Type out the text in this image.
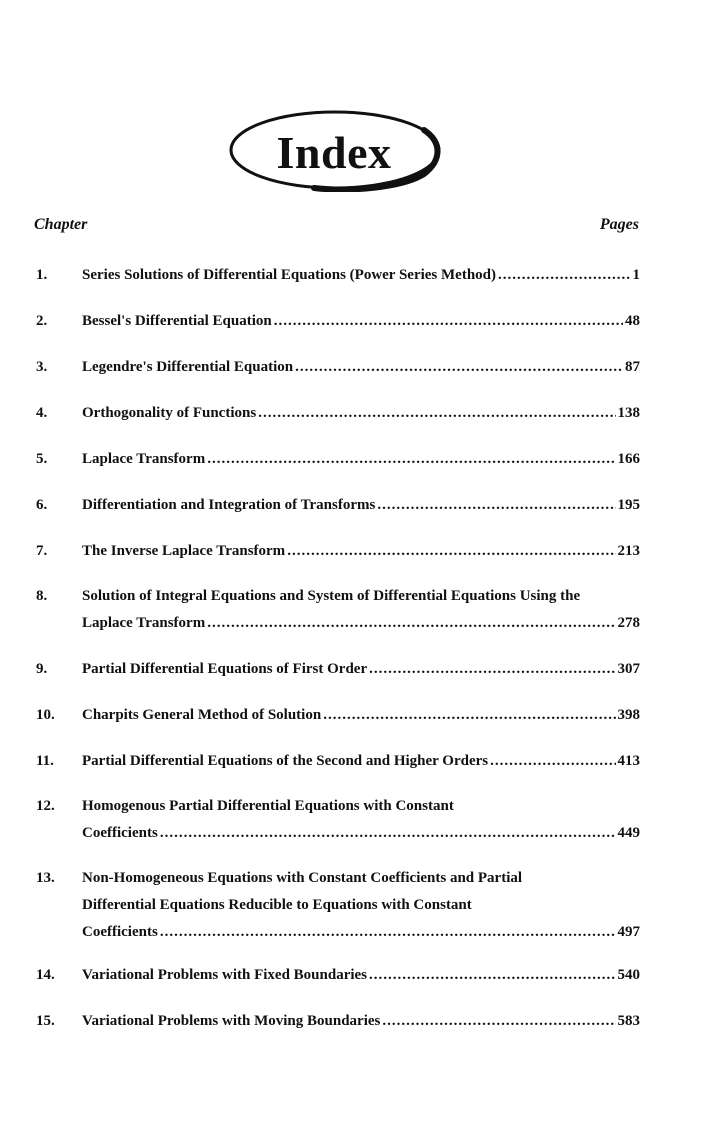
Index
Chapter	Pages
1.	Series Solutions of Differential Equations (Power Series Method) .....	1
2.	Bessel's Differential Equation .....	48
3.	Legendre's Differential Equation .....	87
4.	Orthogonality of Functions .....	138
5.	Laplace Transform .....	166
6.	Differentiation and Integration of Transforms .....	195
7.	The Inverse Laplace Transform .....	213
8.	Solution of Integral Equations and System of Differential Equations Using the
Laplace Transform .....	278
9.	Partial Differential Equations of First Order .....	307
10.	Charpits General Method of Solution .....	398
11.	Partial Differential Equations of the Second and Higher Orders .....	413
12.	Homogenous Partial Differential Equations with Constant
Coefficients .....	449
13.	Non-Homogeneous Equations with Constant Coefficients and Partial
Differential Equations Reducible to Equations with Constant
Coefficients .....	497
14.	Variational Problems with Fixed Boundaries .....	540
15.	Variational Problems with Moving Boundaries .....	583
